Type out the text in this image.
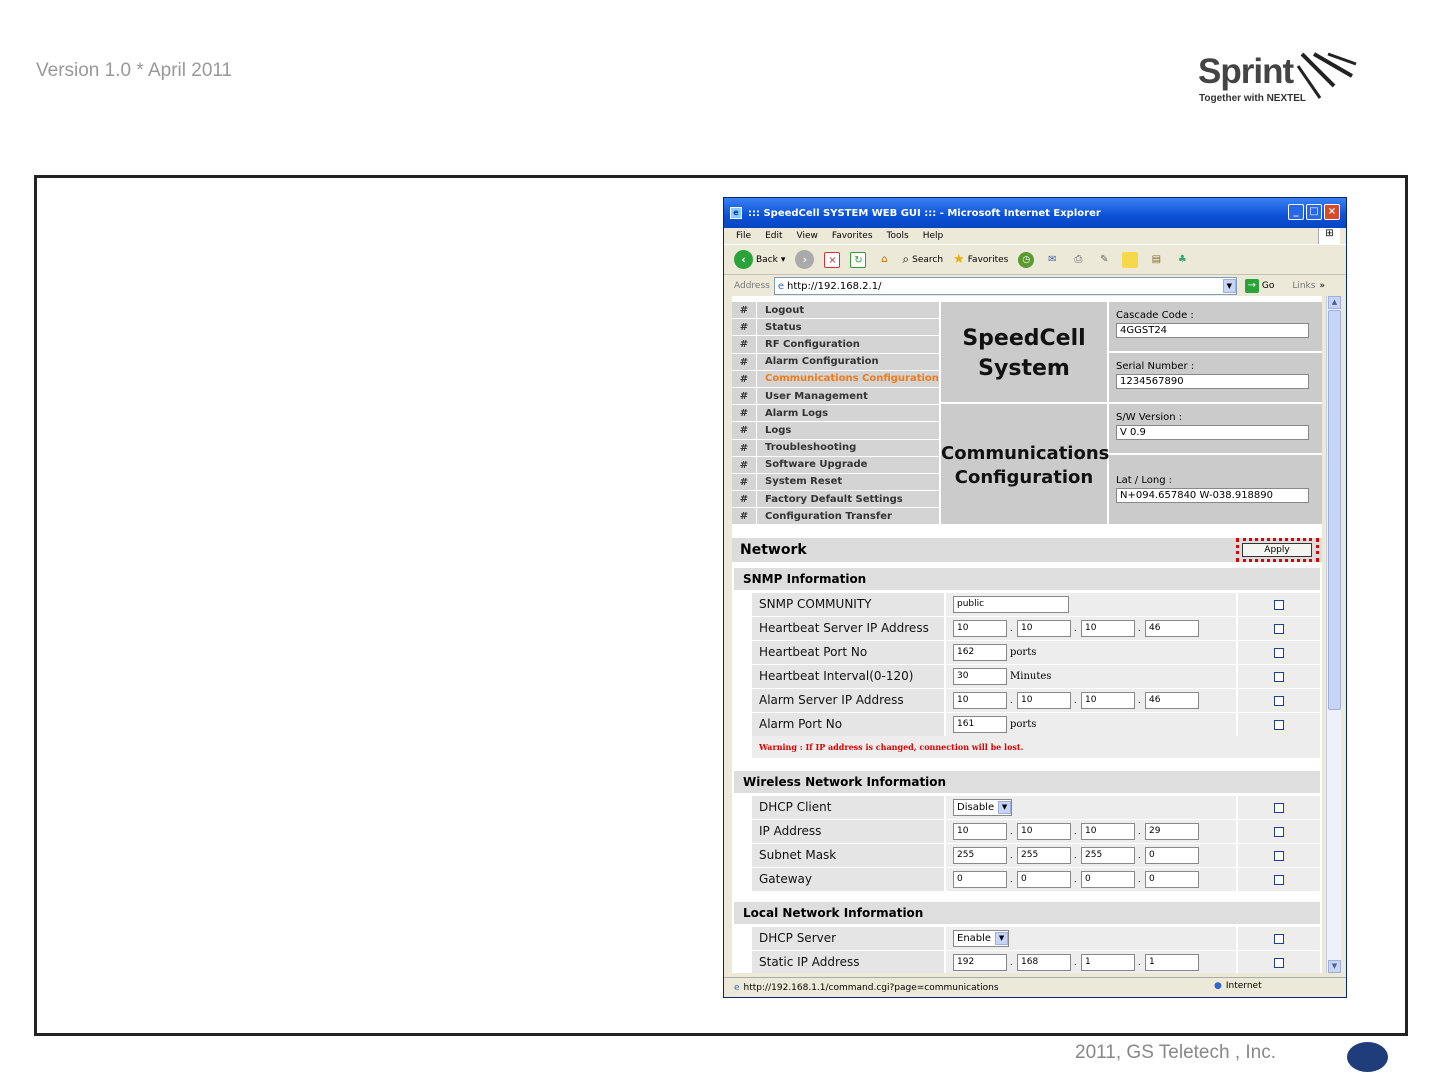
Version 1.0 * April 2011	Sprint
Together with NEXTEL
2011, GS Teletech , Inc.
e ::: SpeedCell SYSTEM WEB GUI ::: - Microsoft Internet Explorer	_	□ ×
File Edit View Favorites Tools Help	⊞
‹	Back ▾	›	×	↻	⌂	⌕ Search ★ Favorites	◷	✉	⎙	✎	▤	♣
Address e http://192.168.2.1/	▼	→ Go Links »
#	Logout
#	Status
#	RF Configuration
#	Alarm Configuration
#	Communications Configuration
#	User Management
#	Alarm Logs
#	Logs
#	Troubleshooting
#	Software Upgrade
#	System Reset
#	Factory Default Settings
#	Configuration Transfer
SpeedCell
System
Communications
Configuration
Cascade Code :
4GGST24
Serial Number :
1234567890
S/W Version :
V 0.9
Lat / Long :
N+094.657840 W-038.918890
Network	Apply
SNMP Information
SNMP COMMUNITY	public
Heartbeat Server IP Address	10	. 10	. 10	. 46
Heartbeat Port No	162	ports
Heartbeat Interval(0-120)	30	Minutes
Alarm Server IP Address	10	. 10	. 10	. 46
Alarm Port No	161	ports
Warning : If IP address is changed, connection will be lost.
Wireless Network Information
DHCP Client	Disable	▼
IP Address	10	. 10	. 10	. 29
Subnet Mask	255	. 255	. 255	. 0
Gateway	0	. 0	. 0	. 0
Local Network Information
DHCP Server	Enable	▼
Static IP Address	192	. 168	. 1	. 1
▲
▼
e http://192.168.1.1/command.cgi?page=communications	● Internet
